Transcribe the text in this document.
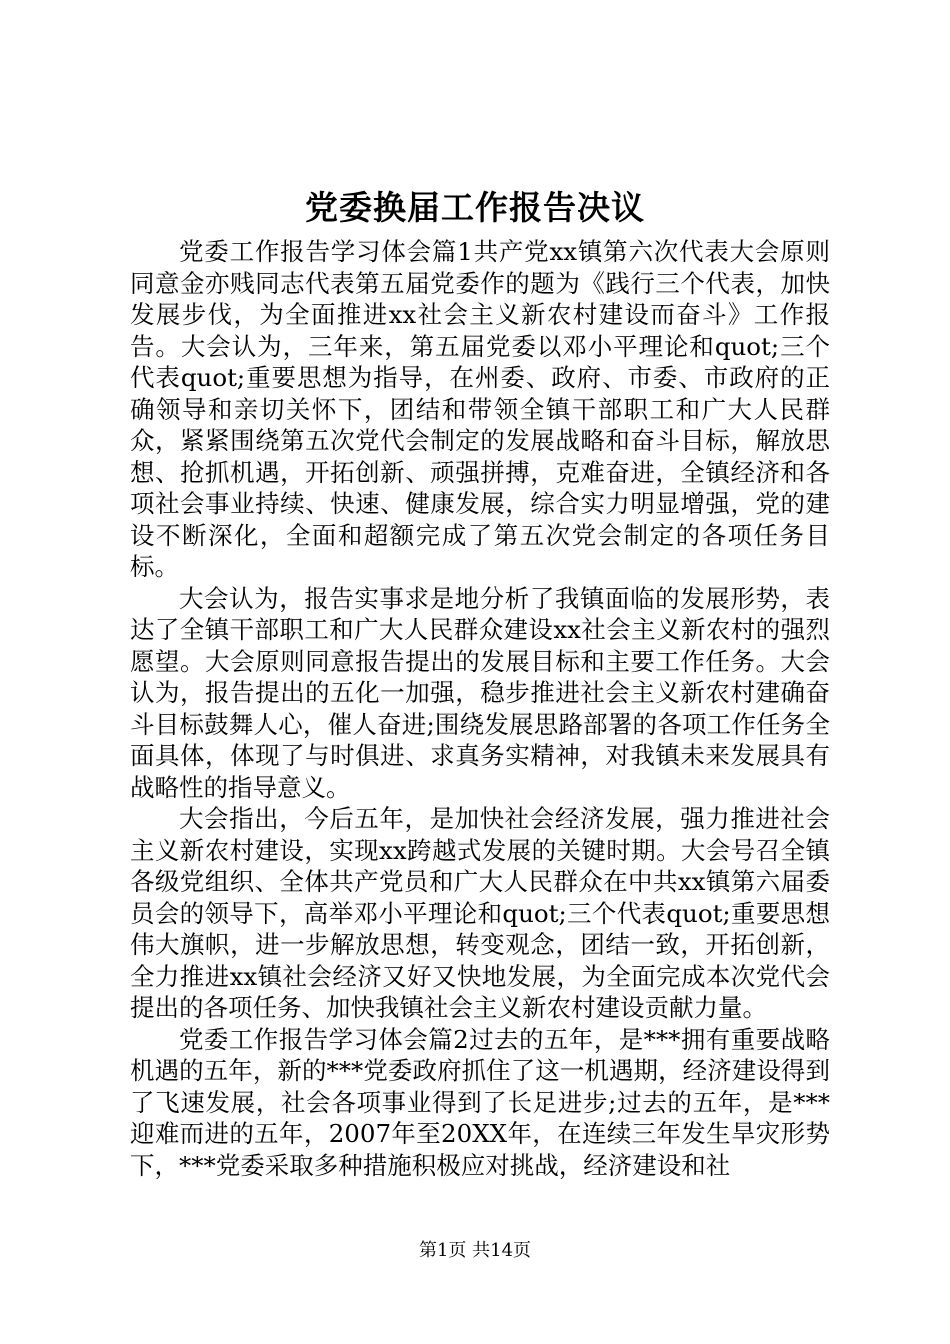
党委换届工作报告决议

党委工作报告学习体会篇1共产党xx镇第六次代表大会原则同意金亦贱同志代表第五届党委作的题为《践行三个代表，加快发展步伐，为全面推进xx社会主义新农村建设而奋斗》工作报告。大会认为，三年来，第五届党委以邓小平理论和quot;三个代表quot;重要思想为指导，在州委、政府、市委、市政府的正确领导和亲切关怀下，团结和带领全镇干部职工和广大人民群众，紧紧围绕第五次党代会制定的发展战略和奋斗目标，解放思想、抢抓机遇，开拓创新、顽强拼搏，克难奋进，全镇经济和各项社会事业持续、快速、健康发展，综合实力明显增强，党的建设不断深化，全面和超额完成了第五次党会制定的各项任务目标。

大会认为，报告实事求是地分析了我镇面临的发展形势，表达了全镇干部职工和广大人民群众建设xx社会主义新农村的强烈愿望。大会原则同意报告提出的发展目标和主要工作任务。大会认为，报告提出的五化一加强，稳步推进社会主义新农村建确奋斗目标鼓舞人心，催人奋进;围绕发展思路部署的各项工作任务全面具体，体现了与时俱进、求真务实精神，对我镇未来发展具有战略性的指导意义。

大会指出，今后五年，是加快社会经济发展，强力推进社会主义新农村建设，实现xx跨越式发展的关键时期。大会号召全镇各级党组织、全体共产党员和广大人民群众在中共xx镇第六届委员会的领导下，高举邓小平理论和quot;三个代表quot;重要思想伟大旗帜，进一步解放思想，转变观念，团结一致，开拓创新，全力推进xx镇社会经济又好又快地发展，为全面完成本次党代会提出的各项任务、加快我镇社会主义新农村建设贡献力量。

党委工作报告学习体会篇2过去的五年，是***拥有重要战略机遇的五年，新的***党委政府抓住了这一机遇期，经济建设得到了飞速发展，社会各项事业得到了长足进步;过去的五年，是***迎难而进的五年，2007年至20XX年，在连续三年发生旱灾形势下，***党委采取多种措施积极应对挑战，经济建设和社

第1页 共14页
